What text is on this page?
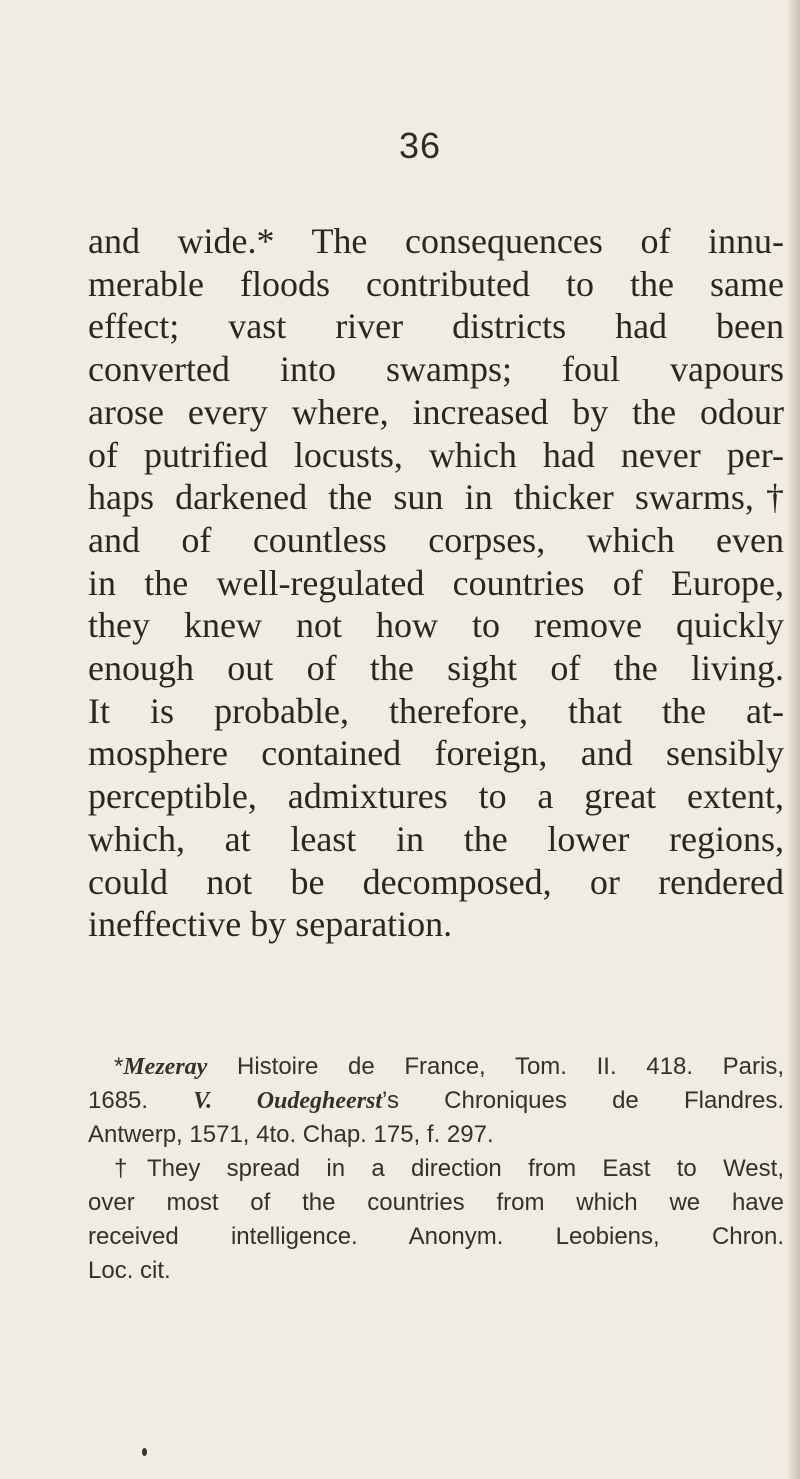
36
and wide.* The consequences of innu-
merable floods contributed to the same
effect; vast river districts had been
converted into swamps; foul vapours
arose every where, increased by the odour
of putrified locusts, which had never per-
haps darkened the sun in thicker swarms,†
and of countless corpses, which even
in the well-regulated countries of Europe,
they knew not how to remove quickly
enough out of the sight of the living.
It is probable, therefore, that the at-
mosphere contained foreign, and sensibly
perceptible, admixtures to a great extent,
which, at least in the lower regions,
could not be decomposed, or rendered
ineffective by separation.
*Mezeray Histoire de France, Tom. II. 418. Paris,
1685. V. Oudegheerst’s Chroniques de Flandres.
Antwerp, 1571, 4to. Chap. 175, f. 297.
†They spread in a direction from East to West,
over most of the countries from which we have
received intelligence. Anonym. Leobiens, Chron.
Loc. cit.
